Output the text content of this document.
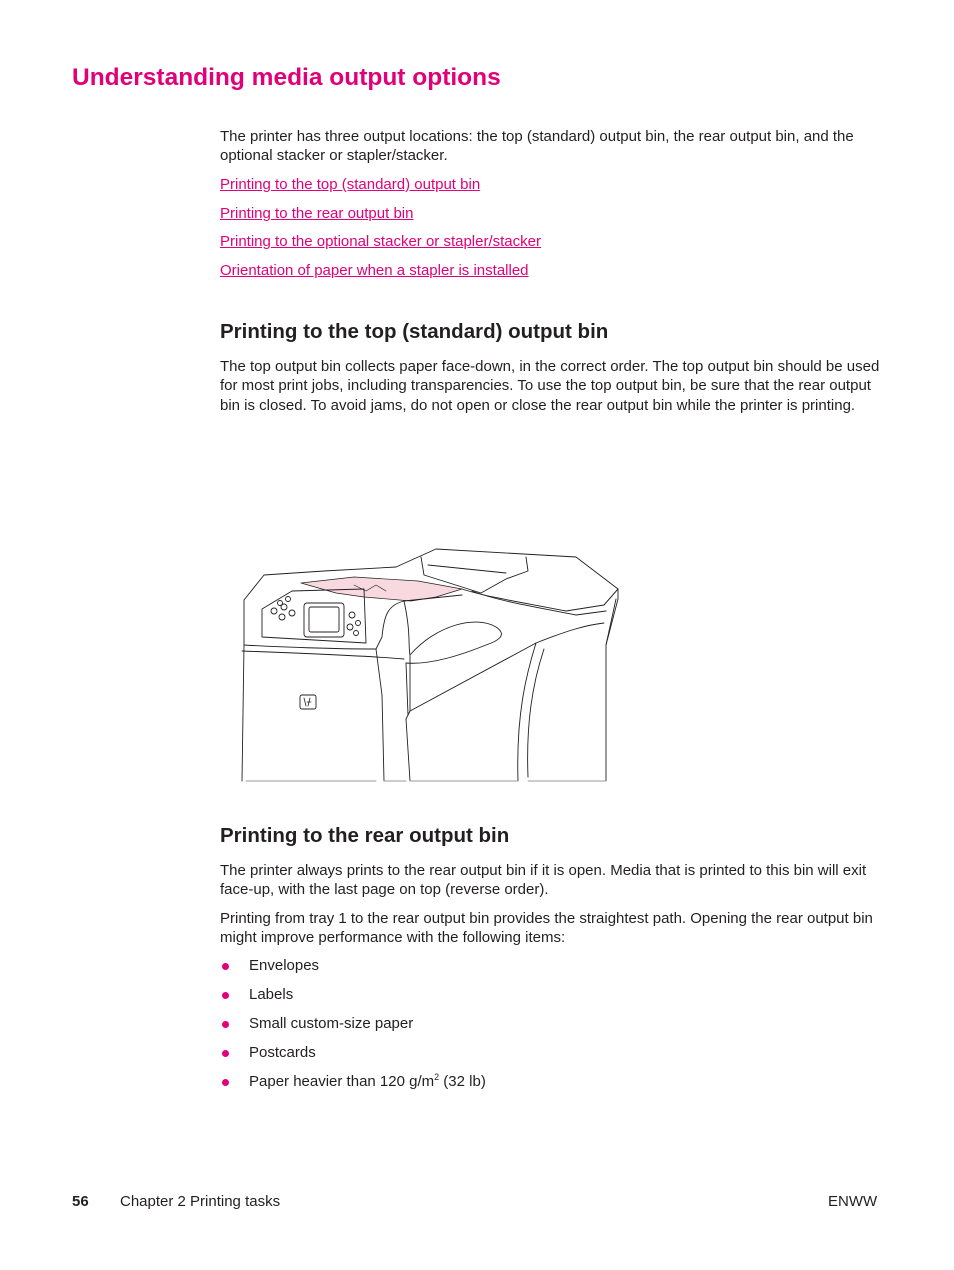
Understanding media output options

The printer has three output locations: the top (standard) output bin, the rear output bin, and the optional stacker or stapler/stacker.

Printing to the top (standard) output bin
Printing to the rear output bin
Printing to the optional stacker or stapler/stacker
Orientation of paper when a stapler is installed
Printing to the top (standard) output bin

The top output bin collects paper face-down, in the correct order. The top output bin should be used for most print jobs, including transparencies. To use the top output bin, be sure that the rear output bin is closed. To avoid jams, do not open or close the rear output bin while the printer is printing.

Printing to the rear output bin

The printer always prints to the rear output bin if it is open. Media that is printed to this bin will exit face-up, with the last page on top (reverse order).

Printing from tray 1 to the rear output bin provides the straightest path. Opening the rear output bin might improve performance with the following items:

Envelopes
Labels
Small custom-size paper
Postcards
Paper heavier than 120 $g/m^2$ (32 lb)
56 Chapter 2 Printing tasks	ENWW
